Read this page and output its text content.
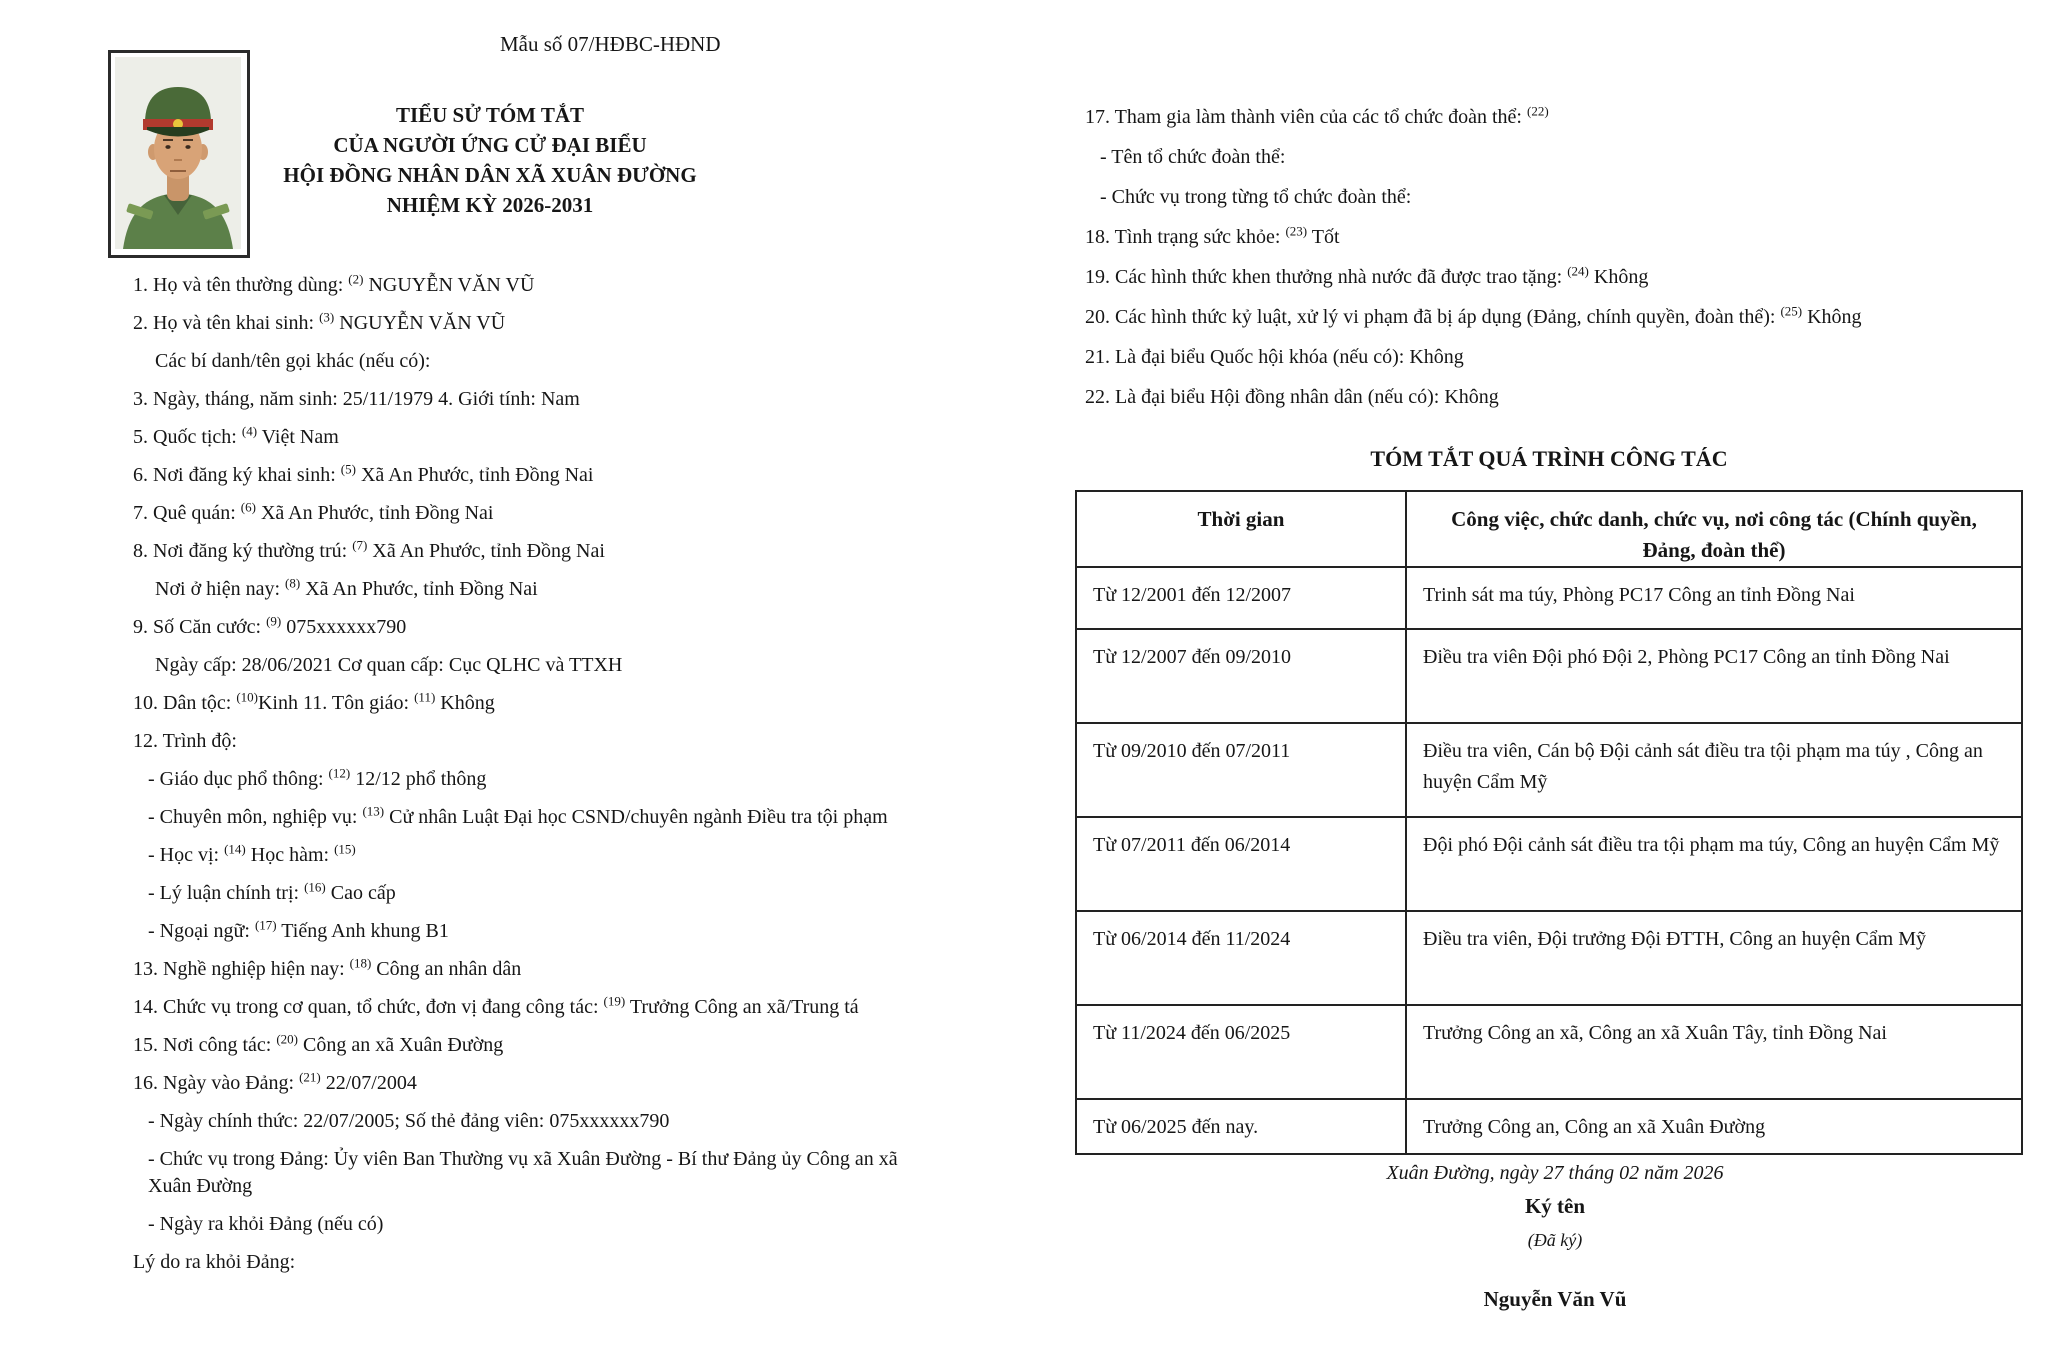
Mẫu số 07/HĐBC-HĐND
TIỂU SỬ TÓM TẮT
CỦA NGƯỜI ỨNG CỬ ĐẠI BIỂU
HỘI ĐỒNG NHÂN DÂN XÃ XUÂN ĐƯỜNG
NHIỆM KỲ 2026-2031
1. Họ và tên thường dùng: $^{(2)}$ NGUYỄN VĂN VŨ
2. Họ và tên khai sinh: $^{(3)}$ NGUYỄN VĂN VŨ
Các bí danh/tên gọi khác (nếu có):
3. Ngày, tháng, năm sinh: 25/11/1979 4. Giới tính: Nam
5. Quốc tịch: $^{(4)}$ Việt Nam
6. Nơi đăng ký khai sinh: $^{(5)}$ Xã An Phước, tỉnh Đồng Nai
7. Quê quán: $^{(6)}$ Xã An Phước, tỉnh Đồng Nai
8. Nơi đăng ký thường trú: $^{(7)}$ Xã An Phước, tỉnh Đồng Nai
Nơi ở hiện nay: $^{(8)}$ Xã An Phước, tỉnh Đồng Nai
9. Số Căn cước: $^{(9)}$ 075xxxxxx790
Ngày cấp: 28/06/2021 Cơ quan cấp: Cục QLHC và TTXH
10. Dân tộc: $^{(10)}$Kinh 11. Tôn giáo: $^{(11)}$ Không
12. Trình độ:
- Giáo dục phổ thông: $^{(12)}$ 12/12 phổ thông
- Chuyên môn, nghiệp vụ: $^{(13)}$ Cử nhân Luật Đại học CSND/chuyên ngành Điều tra tội phạm
- Học vị: $^{(14)}$ Học hàm: $^{(15)}$
- Lý luận chính trị: $^{(16)}$ Cao cấp
- Ngoại ngữ: $^{(17)}$ Tiếng Anh khung B1
13. Nghề nghiệp hiện nay: $^{(18)}$ Công an nhân dân
14. Chức vụ trong cơ quan, tổ chức, đơn vị đang công tác: $^{(19)}$ Trưởng Công an xã/Trung tá
15. Nơi công tác: $^{(20)}$ Công an xã Xuân Đường
16. Ngày vào Đảng: $^{(21)}$ 22/07/2004
- Ngày chính thức: 22/07/2005; Số thẻ đảng viên: 075xxxxxx790
- Chức vụ trong Đảng: Ủy viên Ban Thường vụ xã Xuân Đường - Bí thư Đảng ủy Công an xã Xuân Đường
- Ngày ra khỏi Đảng (nếu có)
Lý do ra khỏi Đảng:
17. Tham gia làm thành viên của các tổ chức đoàn thể: $^{(22)}$
- Tên tổ chức đoàn thể:
- Chức vụ trong từng tổ chức đoàn thể:
18. Tình trạng sức khỏe: $^{(23)}$ Tốt
19. Các hình thức khen thưởng nhà nước đã được trao tặng: $^{(24)}$ Không
20. Các hình thức kỷ luật, xử lý vi phạm đã bị áp dụng (Đảng, chính quyền, đoàn thể): $^{(25)}$ Không
21. Là đại biểu Quốc hội khóa (nếu có): Không
22. Là đại biểu Hội đồng nhân dân (nếu có): Không
TÓM TẮT QUÁ TRÌNH CÔNG TÁC
Thời gian	Công việc, chức danh, chức vụ, nơi công tác (Chính quyền, Đảng, đoàn thể)
Từ 12/2001 đến 12/2007	Trinh sát ma túy, Phòng PC17 Công an tỉnh Đồng Nai
Từ 12/2007 đến 09/2010	Điều tra viên Đội phó Đội 2, Phòng PC17 Công an tỉnh Đồng Nai
Từ 09/2010 đến 07/2011	Điều tra viên, Cán bộ Đội cảnh sát điều tra tội phạm ma túy , Công an huyện Cẩm Mỹ
Từ 07/2011 đến 06/2014	Đội phó Đội cảnh sát điều tra tội phạm ma túy, Công an huyện Cẩm Mỹ
Từ 06/2014 đến 11/2024	Điều tra viên, Đội trưởng Đội ĐTTH, Công an huyện Cẩm Mỹ
Từ 11/2024 đến 06/2025	Trưởng Công an xã, Công an xã Xuân Tây, tỉnh Đồng Nai
Từ 06/2025 đến nay.	Trưởng Công an, Công an xã Xuân Đường
Xuân Đường, ngày 27 tháng 02 năm 2026
Ký tên
(Đã ký)
Nguyễn Văn Vũ
